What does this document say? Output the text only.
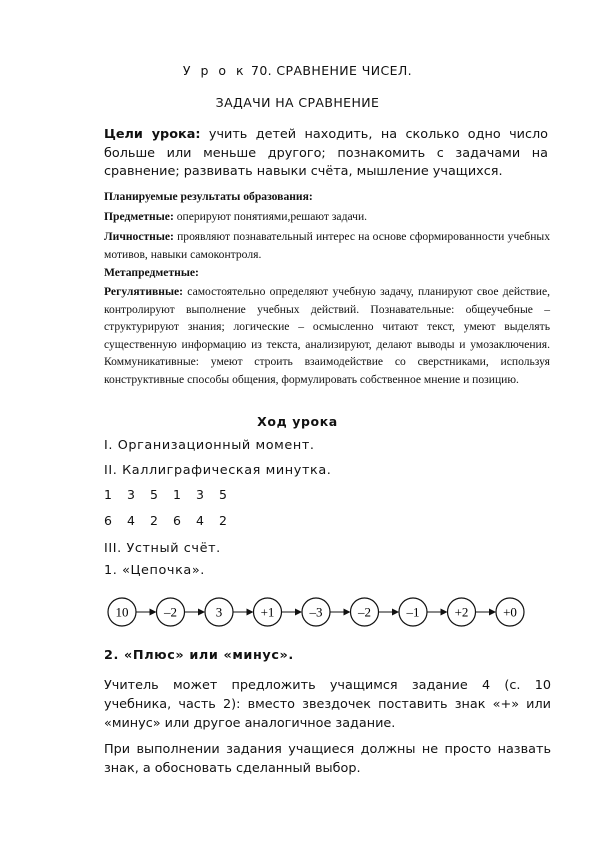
У р о к 70. СРАВНЕНИЕ ЧИСЕЛ.
ЗАДАЧИ НА СРАВНЕНИЕ
Цели урока: учить детей находить, на сколько одно число больше или меньше другого; познакомить с задачами на сравнение; развивать навыки счёта, мышление учащихся.
Планируемые результаты образования:
Предметные: оперируют понятиями,решают задачи.
Личностные: проявляют познавательный интерес на основе сформированности учебных мотивов, навыки самоконтроля.
Метапредметные:
Регулятивные: самостоятельно определяют учебную задачу, планируют свое действие, контролируют выполнение учебных действий. Познавательные: общеучебные – структурируют знания; логические – осмысленно читают текст, умеют выделять существенную информацию из текста, анализируют, делают выводы и умозаключения. Коммуникативные: умеют строить взаимодействие со сверстниками, используя конструктивные способы общения, формулировать собственное мнение и позицию.
Ход урока
I. Организационный момент.
II. Каллиграфическая минутка.
1 3 5 1 3 5
6 4 2 6 4 2
III. Устный счёт.
1. «Цепочка».
10	–2	3	+1	–3	–2	–1	+2	+0
2. «Плюс» или «минус».
Учитель может предложить учащимся задание 4 (с. 10 учебника, часть 2): вместо звездочек поставить знак «+» или «минус» или другое аналогичное задание.
При выполнении задания учащиеся должны не просто назвать знак, а обосновать сделанный выбор.
